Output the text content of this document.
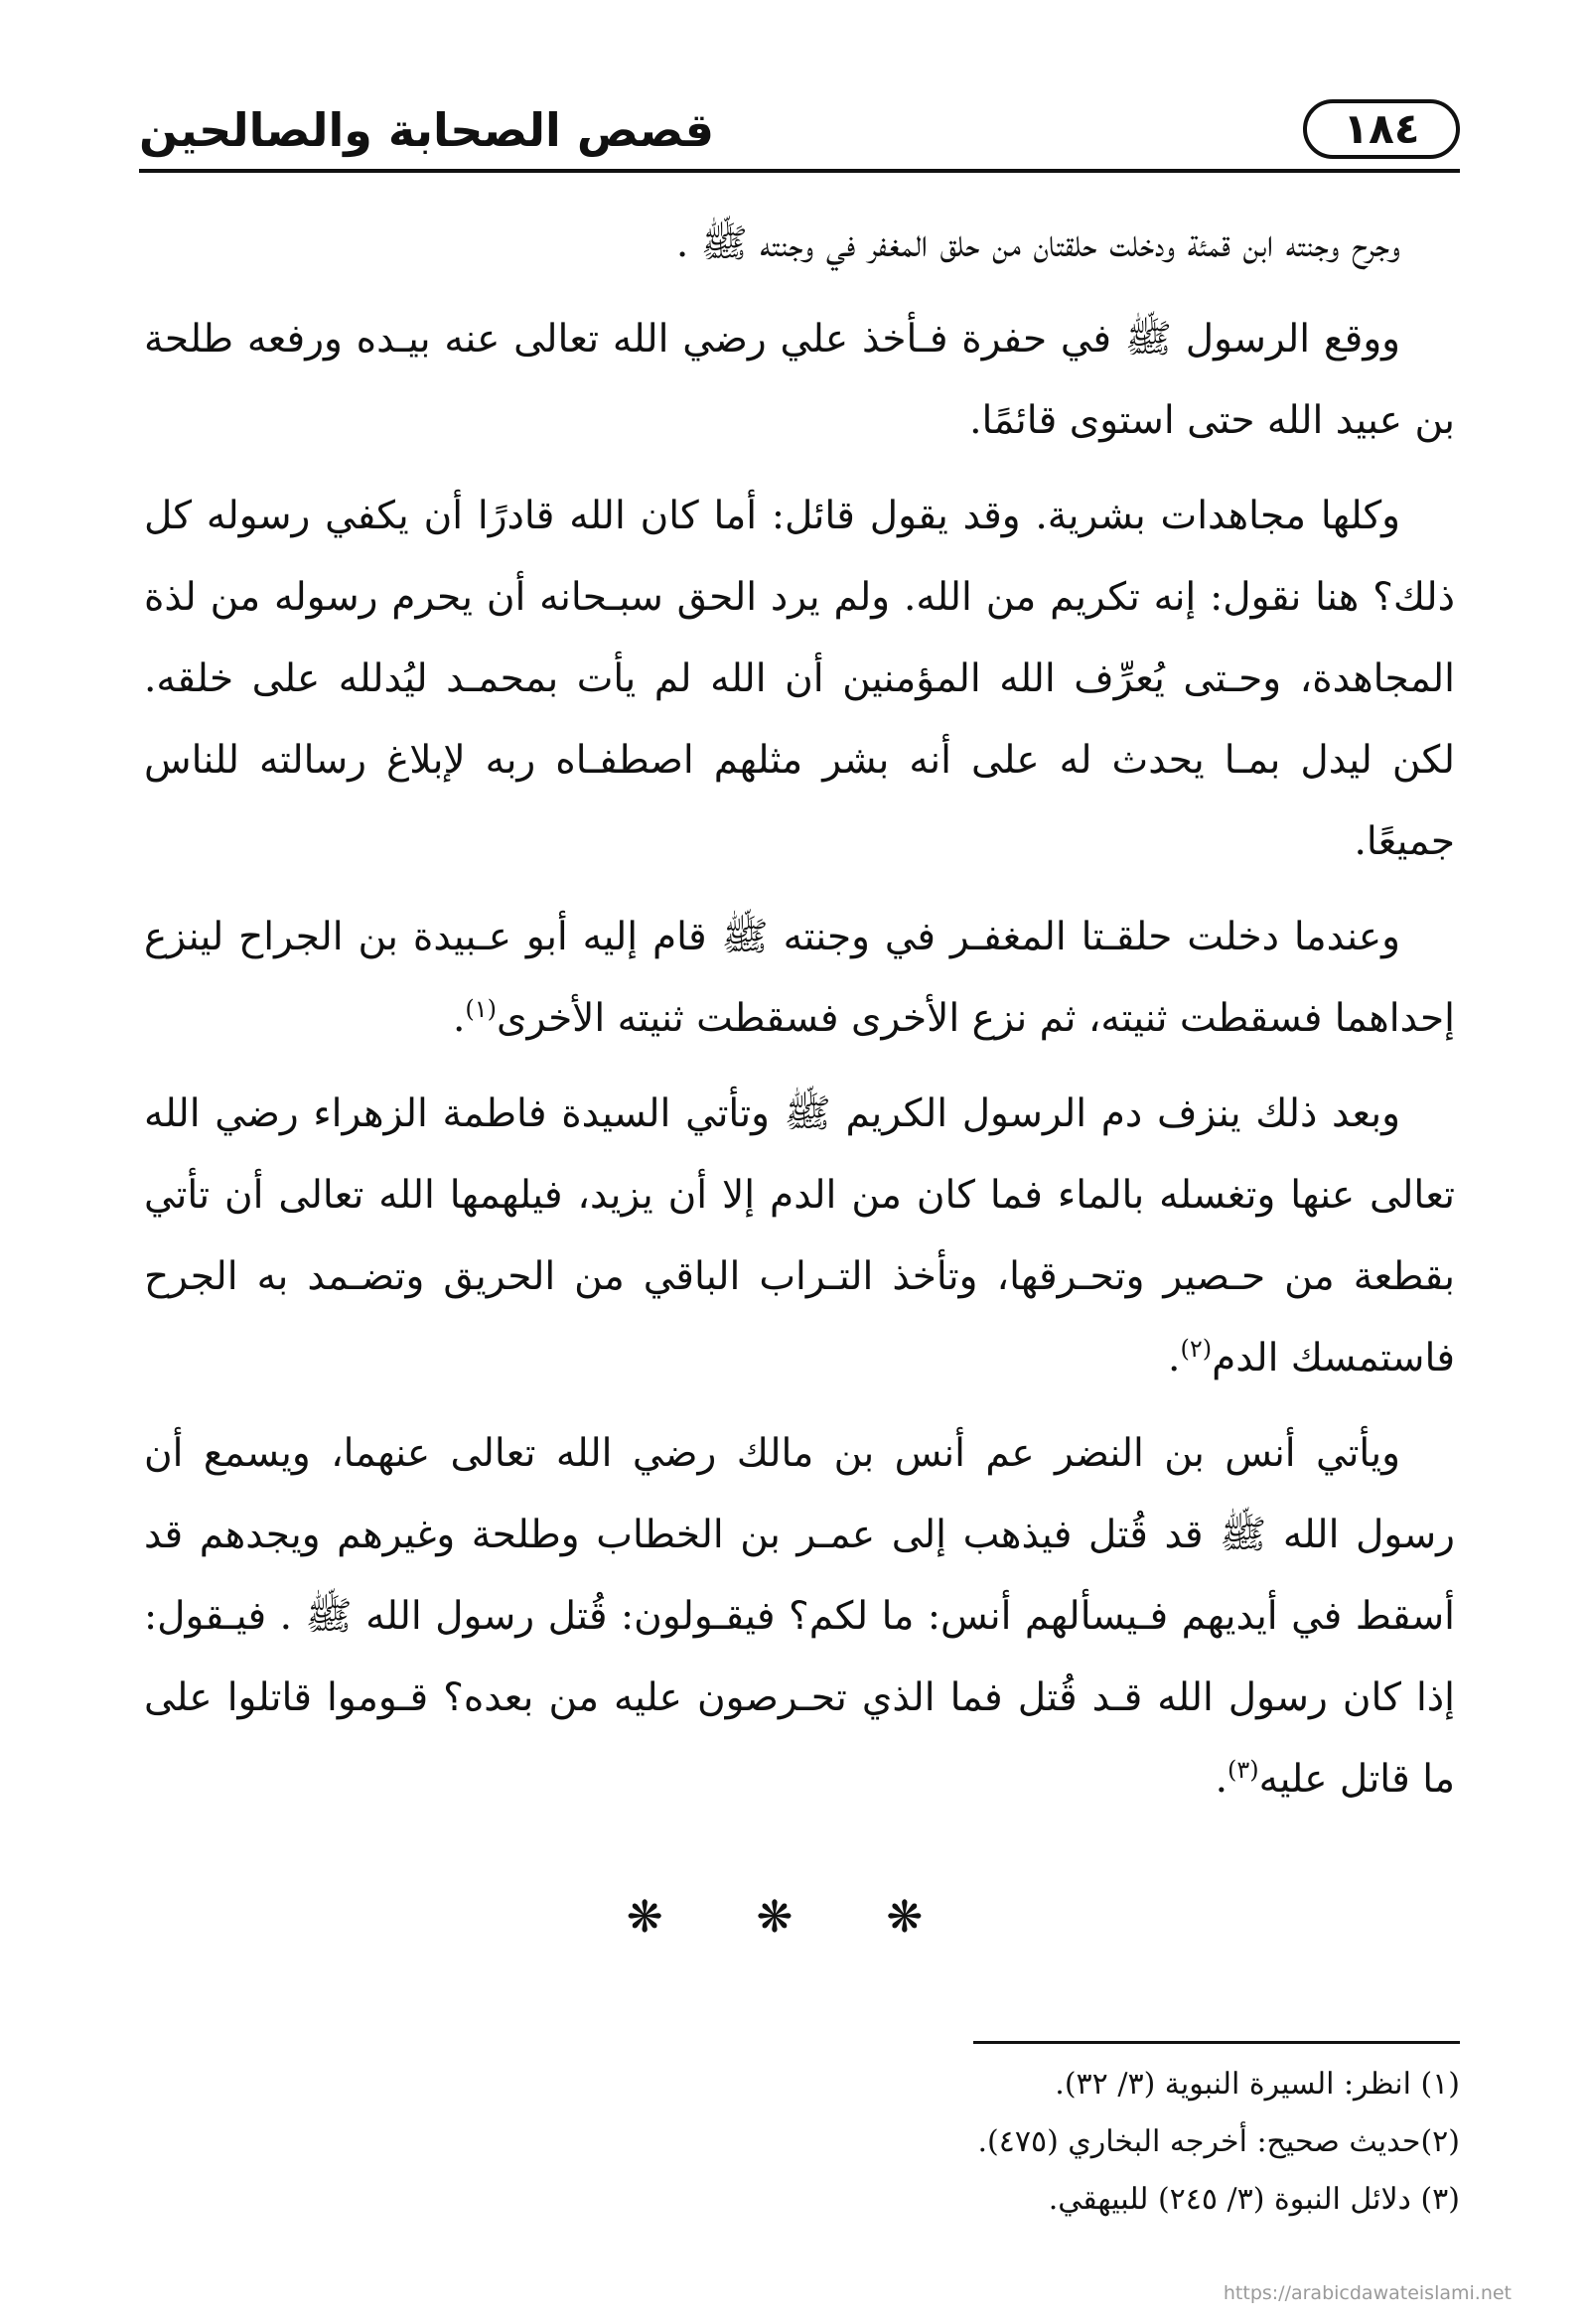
قصص الصحابة والصالحين	١٨٤

وجرح وجنته ابن قمئة ودخلت حلقتان من حلق المغفر في وجنته ﷺ .

ووقع الرسول ﷺ في حفرة فـأخذ علي رضي الله تعالى عنه بيـده ورفعه طلحة بن عبيد الله حتى استوى قائمًا.

وكلها مجاهدات بشرية. وقد يقول قائل: أما كان الله قادرًا أن يكفي رسوله كل ذلك؟ هنا نقول: إنه تكريم من الله. ولم يرد الحق سبـحانه أن يحرم رسوله من لذة المجاهدة، وحـتى يُعرِّف الله المؤمنين أن الله لم يأت بمحمـد ليُدلله على خلقه. لكن ليدل بمـا يحدث له على أنه بشر مثلهم اصطفـاه ربه لإبلاغ رسالته للناس جميعًا.

وعندما دخلت حلقـتا المغفـر في وجنته ﷺ قام إليه أبو عـبيدة بن الجراح لينزع إحداهما فسقطت ثنيته، ثم نزع الأخرى فسقطت ثنيته الأخرى$^{(١)}$.

وبعد ذلك ينزف دم الرسول الكريم ﷺ وتأتي السيدة فاطمة الزهراء رضي الله تعالى عنها وتغسله بالماء فما كان من الدم إلا أن يزيد، فيلهمها الله تعالى أن تأتي بقطعة من حـصير وتحـرقها، وتأخذ التـراب الباقي من الحريق وتضـمد به الجرح فاستمسك الدم$^{(٢)}$.

ويأتي أنس بن النضر عم أنس بن مالك رضي الله تعالى عنهما، ويسمع أن رسول الله ﷺ قد قُتل فيذهب إلى عمـر بن الخطاب وطلحة وغيرهم ويجدهم قد أسقط في أيديهم فـيسألهم أنس: ما لكم؟ فيقـولون: قُتل رسول الله ﷺ . فيـقول: إذا كان رسول الله قـد قُتل فما الذي تحـرصون عليه من بعده؟ قـوموا قاتلوا على ما قاتل عليه$^{(٣)}$.

❋ ❋ ❋

(١) انظر: السيرة النبوية (٣/ ٣٢).

(٢)حديث صحيح: أخرجه البخاري (٤٧٥).

(٣) دلائل النبوة (٣/ ٢٤٥) للبيهقي.

https://arabicdawateislami.net
